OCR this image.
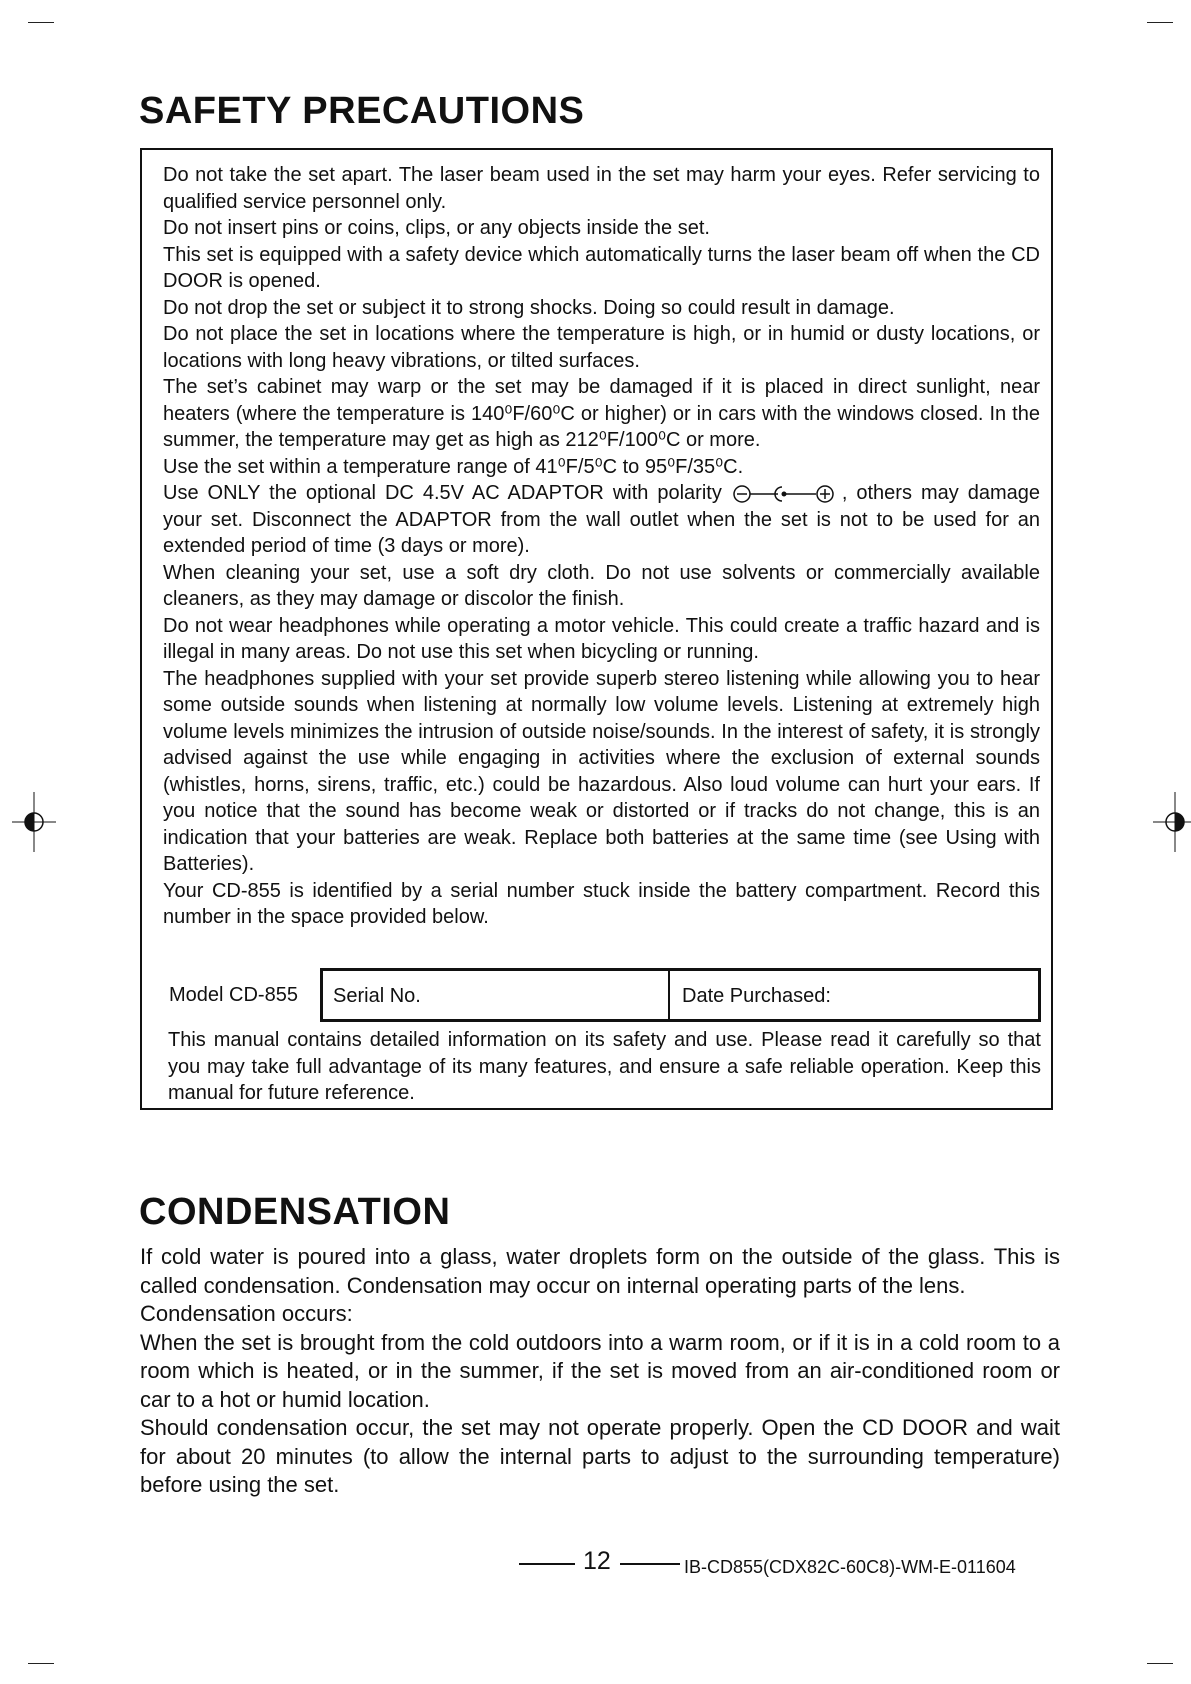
SAFETY PRECAUTIONS

Do not take the set apart. The laser beam used in the set may harm your eyes. Refer servicing to qualified service personnel only.

Do not insert pins or coins, clips, or any objects inside the set.

This set is equipped with a safety device which automatically turns the laser beam off when the CD DOOR is opened.

Do not drop the set or subject it to strong shocks. Doing so could result in damage.

Do not place the set in locations where the temperature is high, or in humid or dusty locations, or locations with long heavy vibrations, or tilted surfaces.

The set’s cabinet may warp or the set may be damaged if it is placed in direct sunlight, near heaters (where the temperature is 140⁰F/60⁰C or higher) or in cars with the windows closed. In the summer, the temperature may get as high as 212⁰F/100⁰C or more.

Use the set within a temperature range of 41⁰F/5⁰C to 95⁰F/35⁰C.

Use ONLY the optional DC 4.5V AC ADAPTOR with polarity	, others may damage your set. Disconnect the ADAPTOR from the wall outlet when the set is not to be used for an extended period of time (3 days or more).

When cleaning your set, use a soft dry cloth. Do not use solvents or commercially available cleaners, as they may damage or discolor the finish.

Do not wear headphones while operating a motor vehicle. This could create a traffic hazard and is illegal in many areas. Do not use this set when bicycling or running.

The headphones supplied with your set provide superb stereo listening while allowing you to hear some outside sounds when listening at normally low volume levels. Listening at extremely high volume levels minimizes the intrusion of outside noise/sounds. In the interest of safety, it is strongly advised against the use while engaging in activities where the exclusion of external sounds (whistles, horns, sirens, traffic, etc.) could be hazardous. Also loud volume can hurt your ears. If you notice that the sound has become weak or distorted or if tracks do not change, this is an indication that your batteries are weak. Replace both batteries at the same time (see Using with Batteries).

Your CD-855 is identified by a serial number stuck inside the battery compartment. Record this number in the space provided below.

Model CD-855	Serial No.	Date Purchased:
This manual contains detailed information on its safety and use. Please read it carefully so that you may take full advantage of its many features, and ensure a safe reliable operation. Keep this manual for future reference.
CONDENSATION

If cold water is poured into a glass, water droplets form on the outside of the glass. This is called condensation. Condensation may occur on internal operating parts of the lens.

Condensation occurs:

When the set is brought from the cold outdoors into a warm room, or if it is in a cold room to a room which is heated, or in the summer, if the set is moved from an air-conditioned room or car to a hot or humid location.

Should condensation occur, the set may not operate properly. Open the CD DOOR and wait for about 20 minutes (to allow the internal parts to adjust to the surrounding temperature) before using the set.

12	IB-CD855(CDX82C-60C8)-WM-E-011604
